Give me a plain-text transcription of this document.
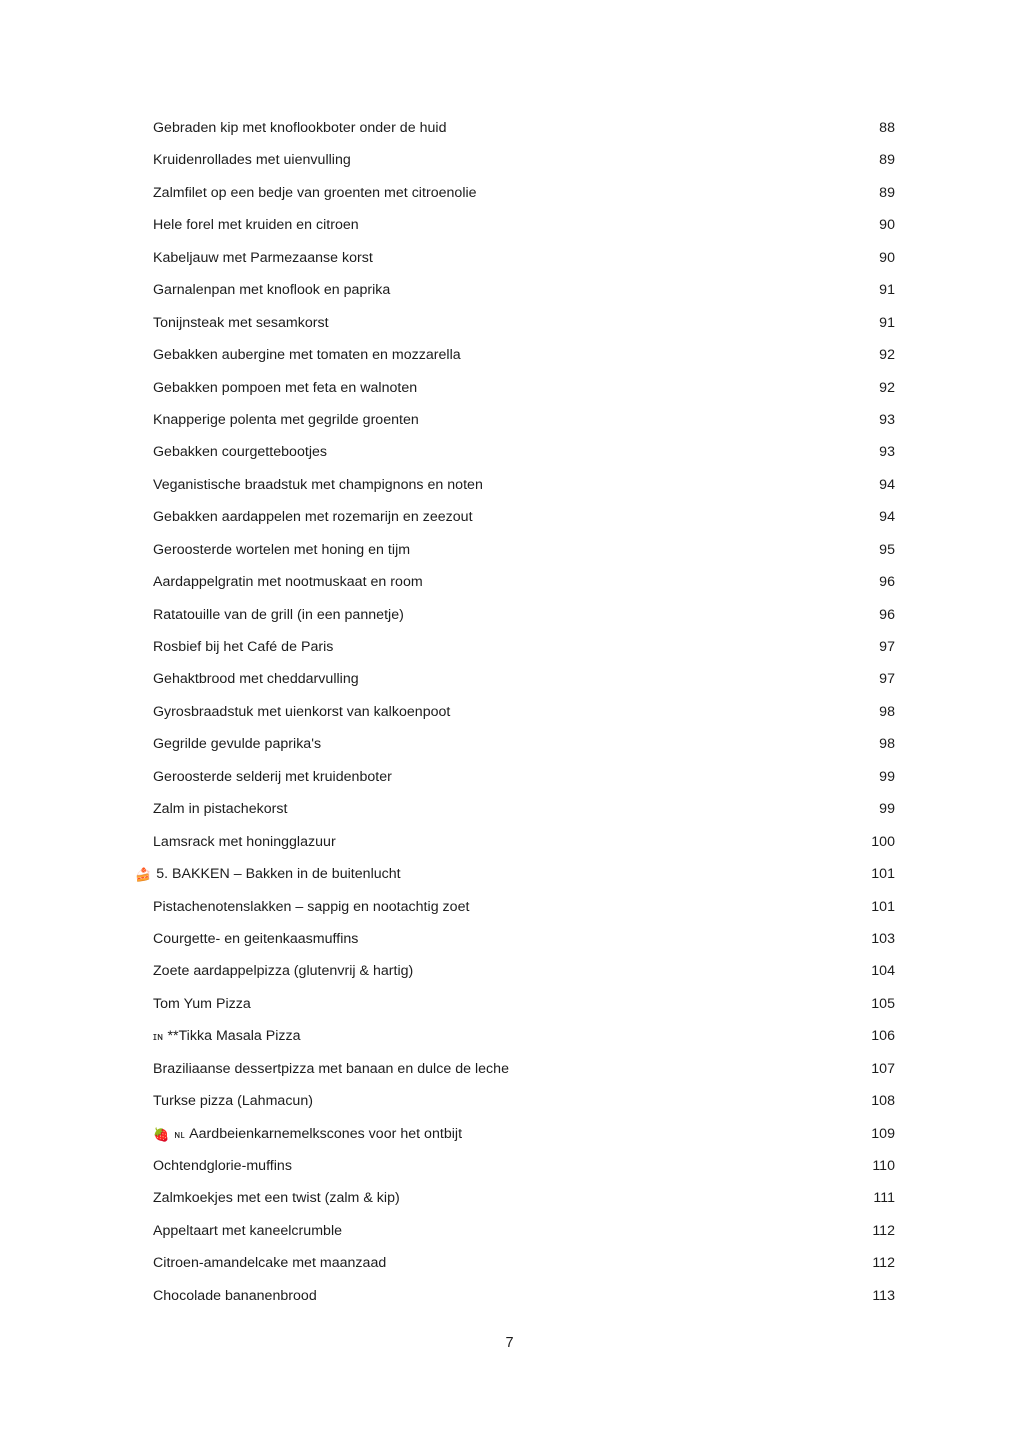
Gebraden kip met knoflookboter onder de huid .....	88
Kruidenrollades met uienvulling .....	89
Zalmfilet op een bedje van groenten met citroenolie .....	89
Hele forel met kruiden en citroen .....	90
Kabeljauw met Parmezaanse korst .....	90
Garnalenpan met knoflook en paprika .....	91
Tonijnsteak met sesamkorst .....	91
Gebakken aubergine met tomaten en mozzarella .....	92
Gebakken pompoen met feta en walnoten .....	92
Knapperige polenta met gegrilde groenten .....	93
Gebakken courgettebootjes .....	93
Veganistische braadstuk met champignons en noten .....	94
Gebakken aardappelen met rozemarijn en zeezout .....	94
Geroosterde wortelen met honing en tijm .....	95
Aardappelgratin met nootmuskaat en room .....	96
Ratatouille van de grill (in een pannetje) .....	96
Rosbief bij het Café de Paris .....	97
Gehaktbrood met cheddarvulling .....	97
Gyrosbraadstuk met uienkorst van kalkoenpoot .....	98
Gegrilde gevulde paprika's .....	98
Geroosterde selderij met kruidenboter .....	99
Zalm in pistachekorst .....	99
Lamsrack met honingglazuur .....	100
🍰 5. BAKKEN – Bakken in de buitenlucht .....	101
Pistachenotenslakken – sappig en nootachtig zoet .....	101
Courgette- en geitenkaasmuffins .....	103
Zoete aardappelpizza (glutenvrij & hartig) .....	104
Tom Yum Pizza .....	105
ɪɴ **Tikka Masala Pizza .....	106
Braziliaanse dessertpizza met banaan en dulce de leche .....	107
Turkse pizza (Lahmacun) .....	108
🍓 ɴʟ Aardbeienkarnemelkscones voor het ontbijt .....	109
Ochtendglorie-muffins .....	110
Zalmkoekjes met een twist (zalm & kip) .....	111
Appeltaart met kaneelcrumble .....	112
Citroen-amandelcake met maanzaad .....	112
Chocolade bananenbrood .....	113
7
